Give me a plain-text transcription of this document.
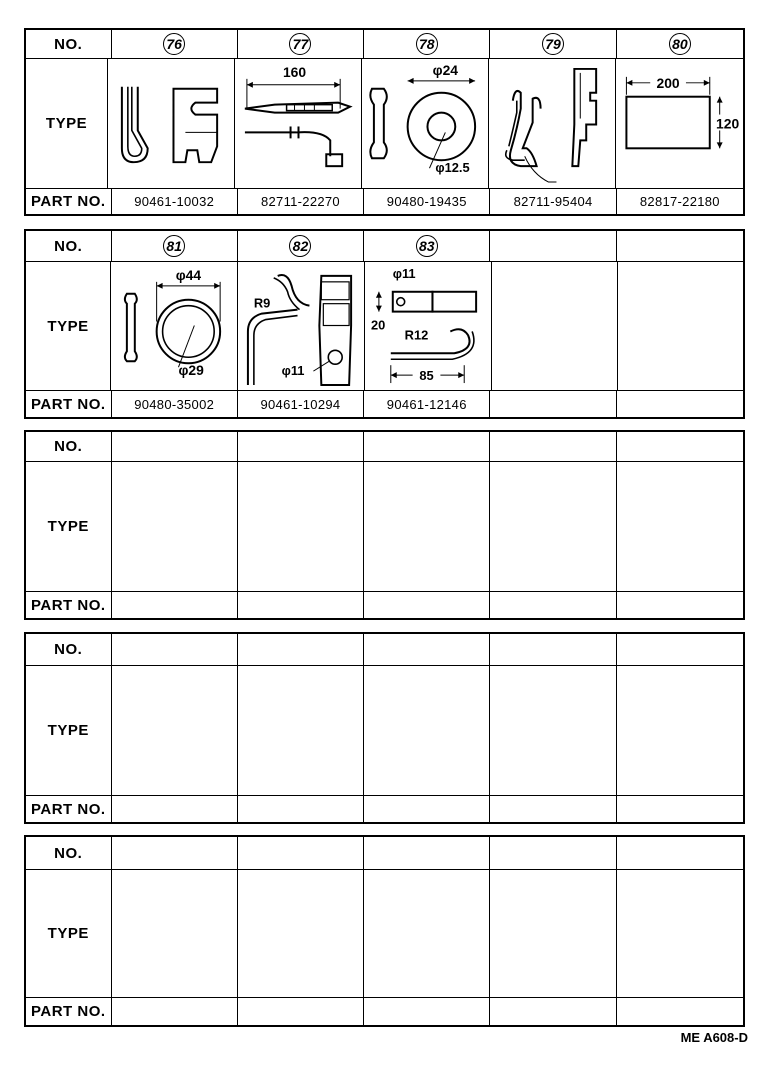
NO.	76	77	78	79	80
TYPE
160	φ24
φ12.5
200
120
PART NO.	90461-10032	82711-22270	90480-19435	82711-95404	82817-22180
NO.	81	82	83
TYPE
φ44
φ29
R9
φ11
φ11
20
R12
85
PART NO.	90480-35002	90461-10294	90461-12146
NO.
TYPE
PART NO.
NO.
TYPE
PART NO.
NO.
TYPE
PART NO.
ME A608-D
